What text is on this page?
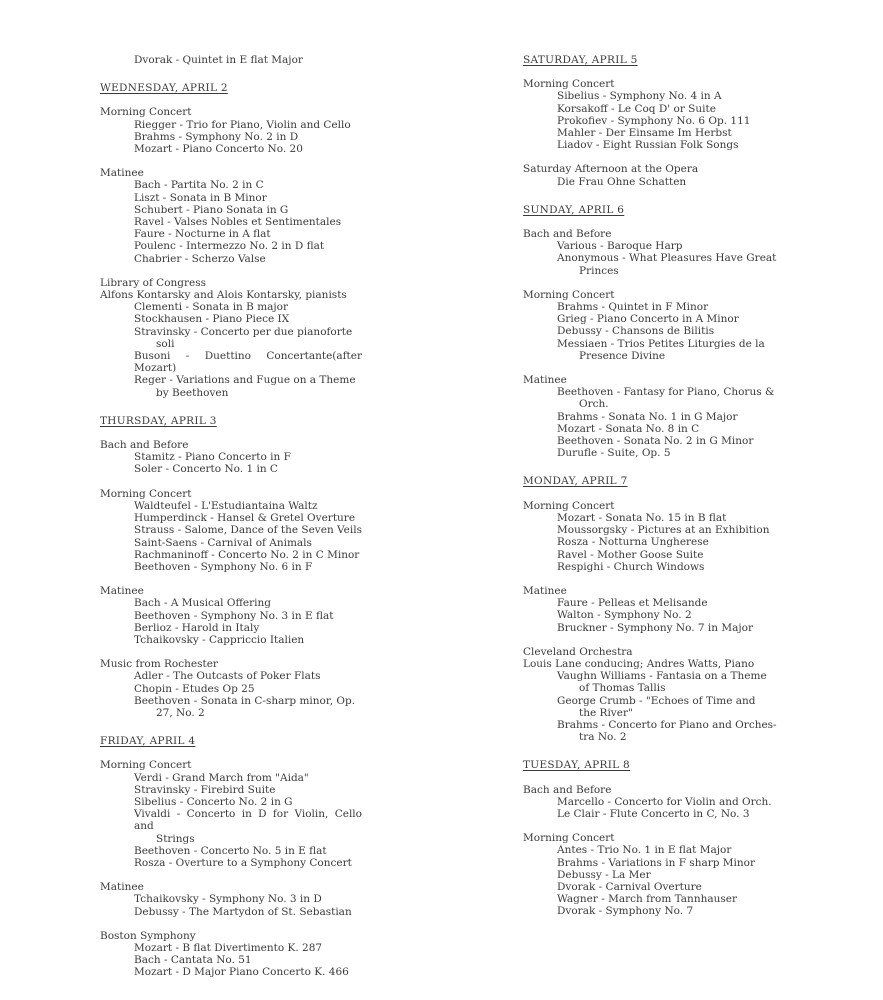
Dvorak - Quintet in E flat Major
WEDNESDAY, APRIL 2
Morning Concert
Riegger - Trio for Piano, Violin and Cello
Brahms - Symphony No. 2 in D
Mozart - Piano Concerto No. 20
Matinee
Bach - Partita No. 2 in C
Liszt - Sonata in B Minor
Schubert - Piano Sonata in G
Ravel - Valses Nobles et Sentimentales
Faure - Nocturne in A flat
Poulenc - Intermezzo No. 2 in D flat
Chabrier - Scherzo Valse
Library of Congress
Alfons Kontarsky and Alois Kontarsky, pianists
Clementi - Sonata in B major
Stockhausen - Piano Piece IX
Stravinsky - Concerto per due pianoforte
soli
Busoni - Duettino Concertante(after Mozart)
Reger - Variations and Fugue on a Theme
by Beethoven
THURSDAY, APRIL 3
Bach and Before
Stamitz - Piano Concerto in F
Soler - Concerto No. 1 in C
Morning Concert
Waldteufel - L'Estudiantaina Waltz
Humperdinck - Hansel & Gretel Overture
Strauss - Salome, Dance of the Seven Veils
Saint-Saens - Carnival of Animals
Rachmaninoff - Concerto No. 2 in C Minor
Beethoven - Symphony No. 6 in F
Matinee
Bach - A Musical Offering
Beethoven - Symphony No. 3 in E flat
Berlioz - Harold in Italy
Tchaikovsky - Cappriccio Italien
Music from Rochester
Adler - The Outcasts of Poker Flats
Chopin - Etudes Op 25
Beethoven - Sonata in C-sharp minor, Op.
27, No. 2
FRIDAY, APRIL 4
Morning Concert
Verdi - Grand March from "Aida"
Stravinsky - Firebird Suite
Sibelius - Concerto No. 2 in G
Vivaldi - Concerto in D for Violin, Cello and
Strings
Beethoven - Concerto No. 5 in E flat
Rosza - Overture to a Symphony Concert
Matinee
Tchaikovsky - Symphony No. 3 in D
Debussy - The Martydon of St. Sebastian
Boston Symphony
Mozart - B flat Divertimento K. 287
Bach - Cantata No. 51
Mozart - D Major Piano Concerto K. 466
SATURDAY, APRIL 5
Morning Concert
Sibelius - Symphony No. 4 in A
Korsakoff - Le Coq D' or Suite
Prokofiev - Symphony No. 6 Op. 111
Mahler - Der Einsame Im Herbst
Liadov - Eight Russian Folk Songs
Saturday Afternoon at the Opera
Die Frau Ohne Schatten
SUNDAY, APRIL 6
Bach and Before
Various - Baroque Harp
Anonymous - What Pleasures Have Great
Princes
Morning Concert
Brahms - Quintet in F Minor
Grieg - Piano Concerto in A Minor
Debussy - Chansons de Bilitis
Messiaen - Trios Petites Liturgies de la
Presence Divine
Matinee
Beethoven - Fantasy for Piano, Chorus &
Orch.
Brahms - Sonata No. 1 in G Major
Mozart - Sonata No. 8 in C
Beethoven - Sonata No. 2 in G Minor
Durufle - Suite, Op. 5
MONDAY, APRIL 7
Morning Concert
Mozart - Sonata No. 15 in B flat
Moussorgsky - Pictures at an Exhibition
Rosza - Notturna Ungherese
Ravel - Mother Goose Suite
Respighi - Church Windows
Matinee
Faure - Pelleas et Melisande
Walton - Symphony No. 2
Bruckner - Symphony No. 7 in Major
Cleveland Orchestra
Louis Lane conducing; Andres Watts, Piano
Vaughn Williams - Fantasia on a Theme
of Thomas Tallis
George Crumb - "Echoes of Time and
the River"
Brahms - Concerto for Piano and Orches-
tra No. 2
TUESDAY, APRIL 8
Bach and Before
Marcello - Concerto for Violin and Orch.
Le Clair - Flute Concerto in C, No. 3
Morning Concert
Antes - Trio No. 1 in E flat Major
Brahms - Variations in F sharp Minor
Debussy - La Mer
Dvorak - Carnival Overture
Wagner - March from Tannhauser
Dvorak - Symphony No. 7
